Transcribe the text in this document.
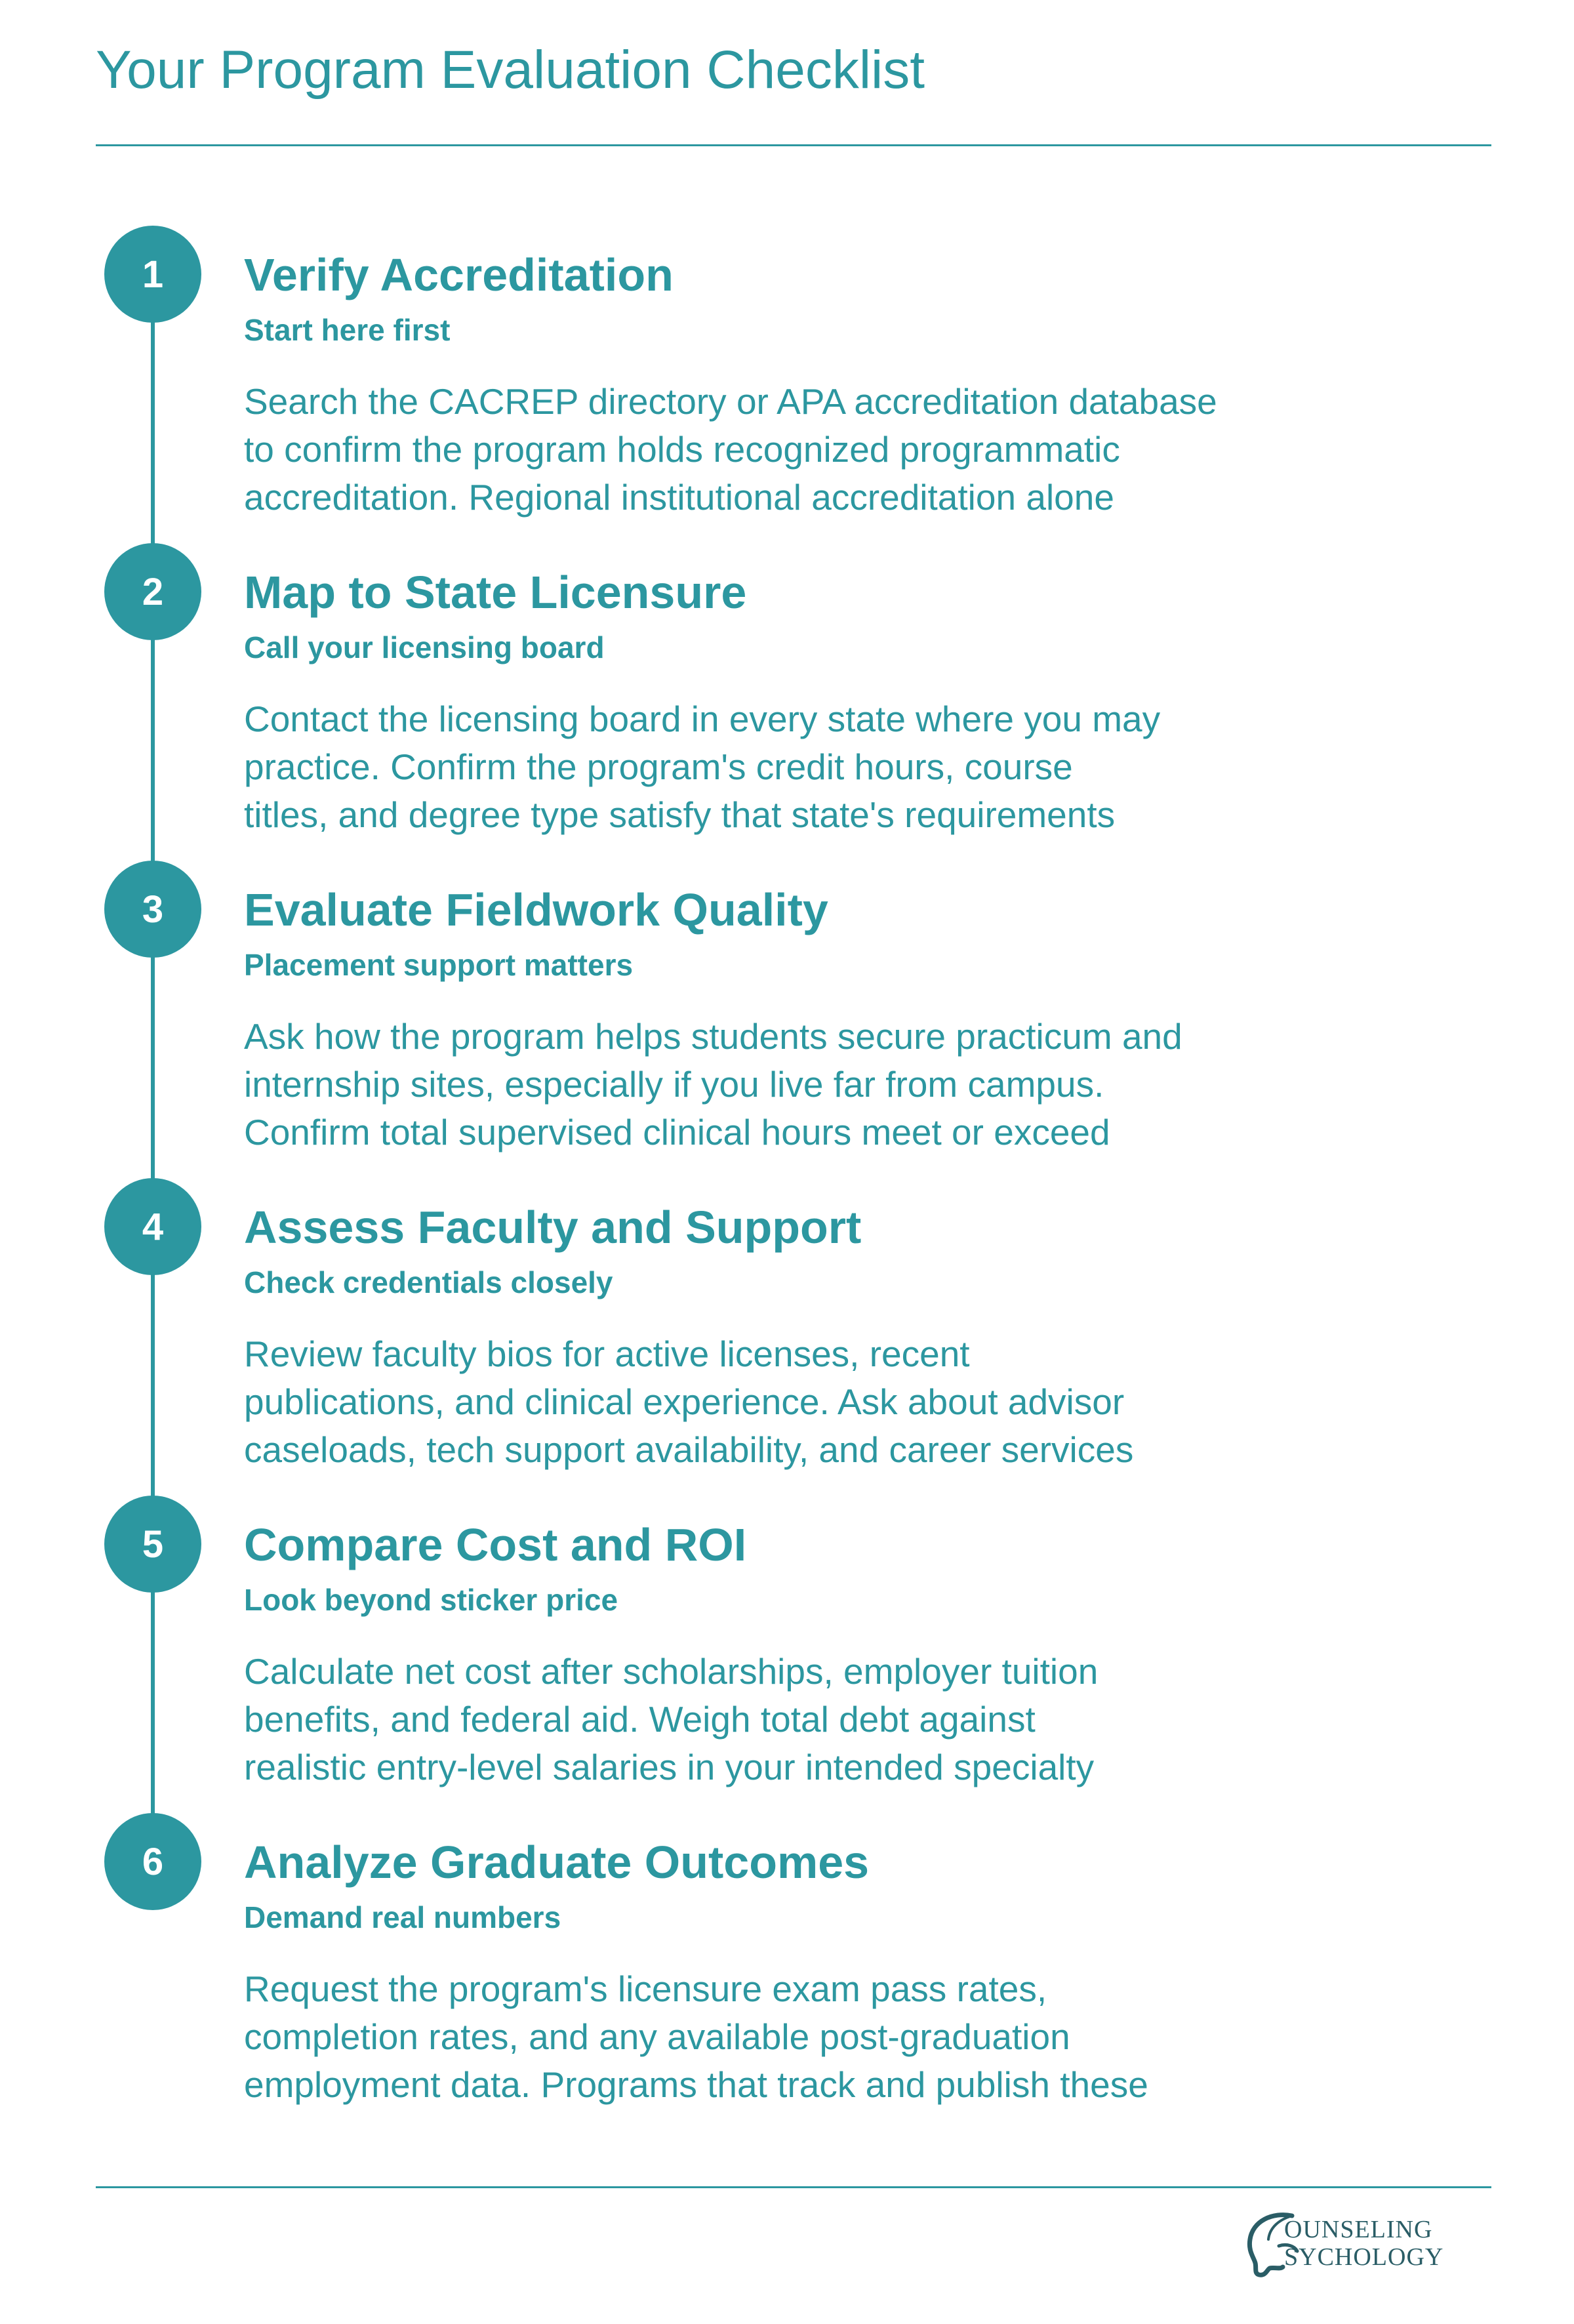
Your Program Evaluation Checklist
1	Verify Accreditation
Start here first
Search the CACREP directory or APA accreditation database
to confirm the program holds recognized programmatic
accreditation. Regional institutional accreditation alone
2	Map to State Licensure
Call your licensing board
Contact the licensing board in every state where you may
practice. Confirm the program's credit hours, course
titles, and degree type satisfy that state's requirements
3	Evaluate Fieldwork Quality
Placement support matters
Ask how the program helps students secure practicum and
internship sites, especially if you live far from campus.
Confirm total supervised clinical hours meet or exceed
4	Assess Faculty and Support
Check credentials closely
Review faculty bios for active licenses, recent
publications, and clinical experience. Ask about advisor
caseloads, tech support availability, and career services
5	Compare Cost and ROI
Look beyond sticker price
Calculate net cost after scholarships, employer tuition
benefits, and federal aid. Weigh total debt against
realistic entry-level salaries in your intended specialty
6	Analyze Graduate Outcomes
Demand real numbers
Request the program's licensure exam pass rates,
completion rates, and any available post-graduation
employment data. Programs that track and publish these
OUNSELING
SYCHOLOGY
